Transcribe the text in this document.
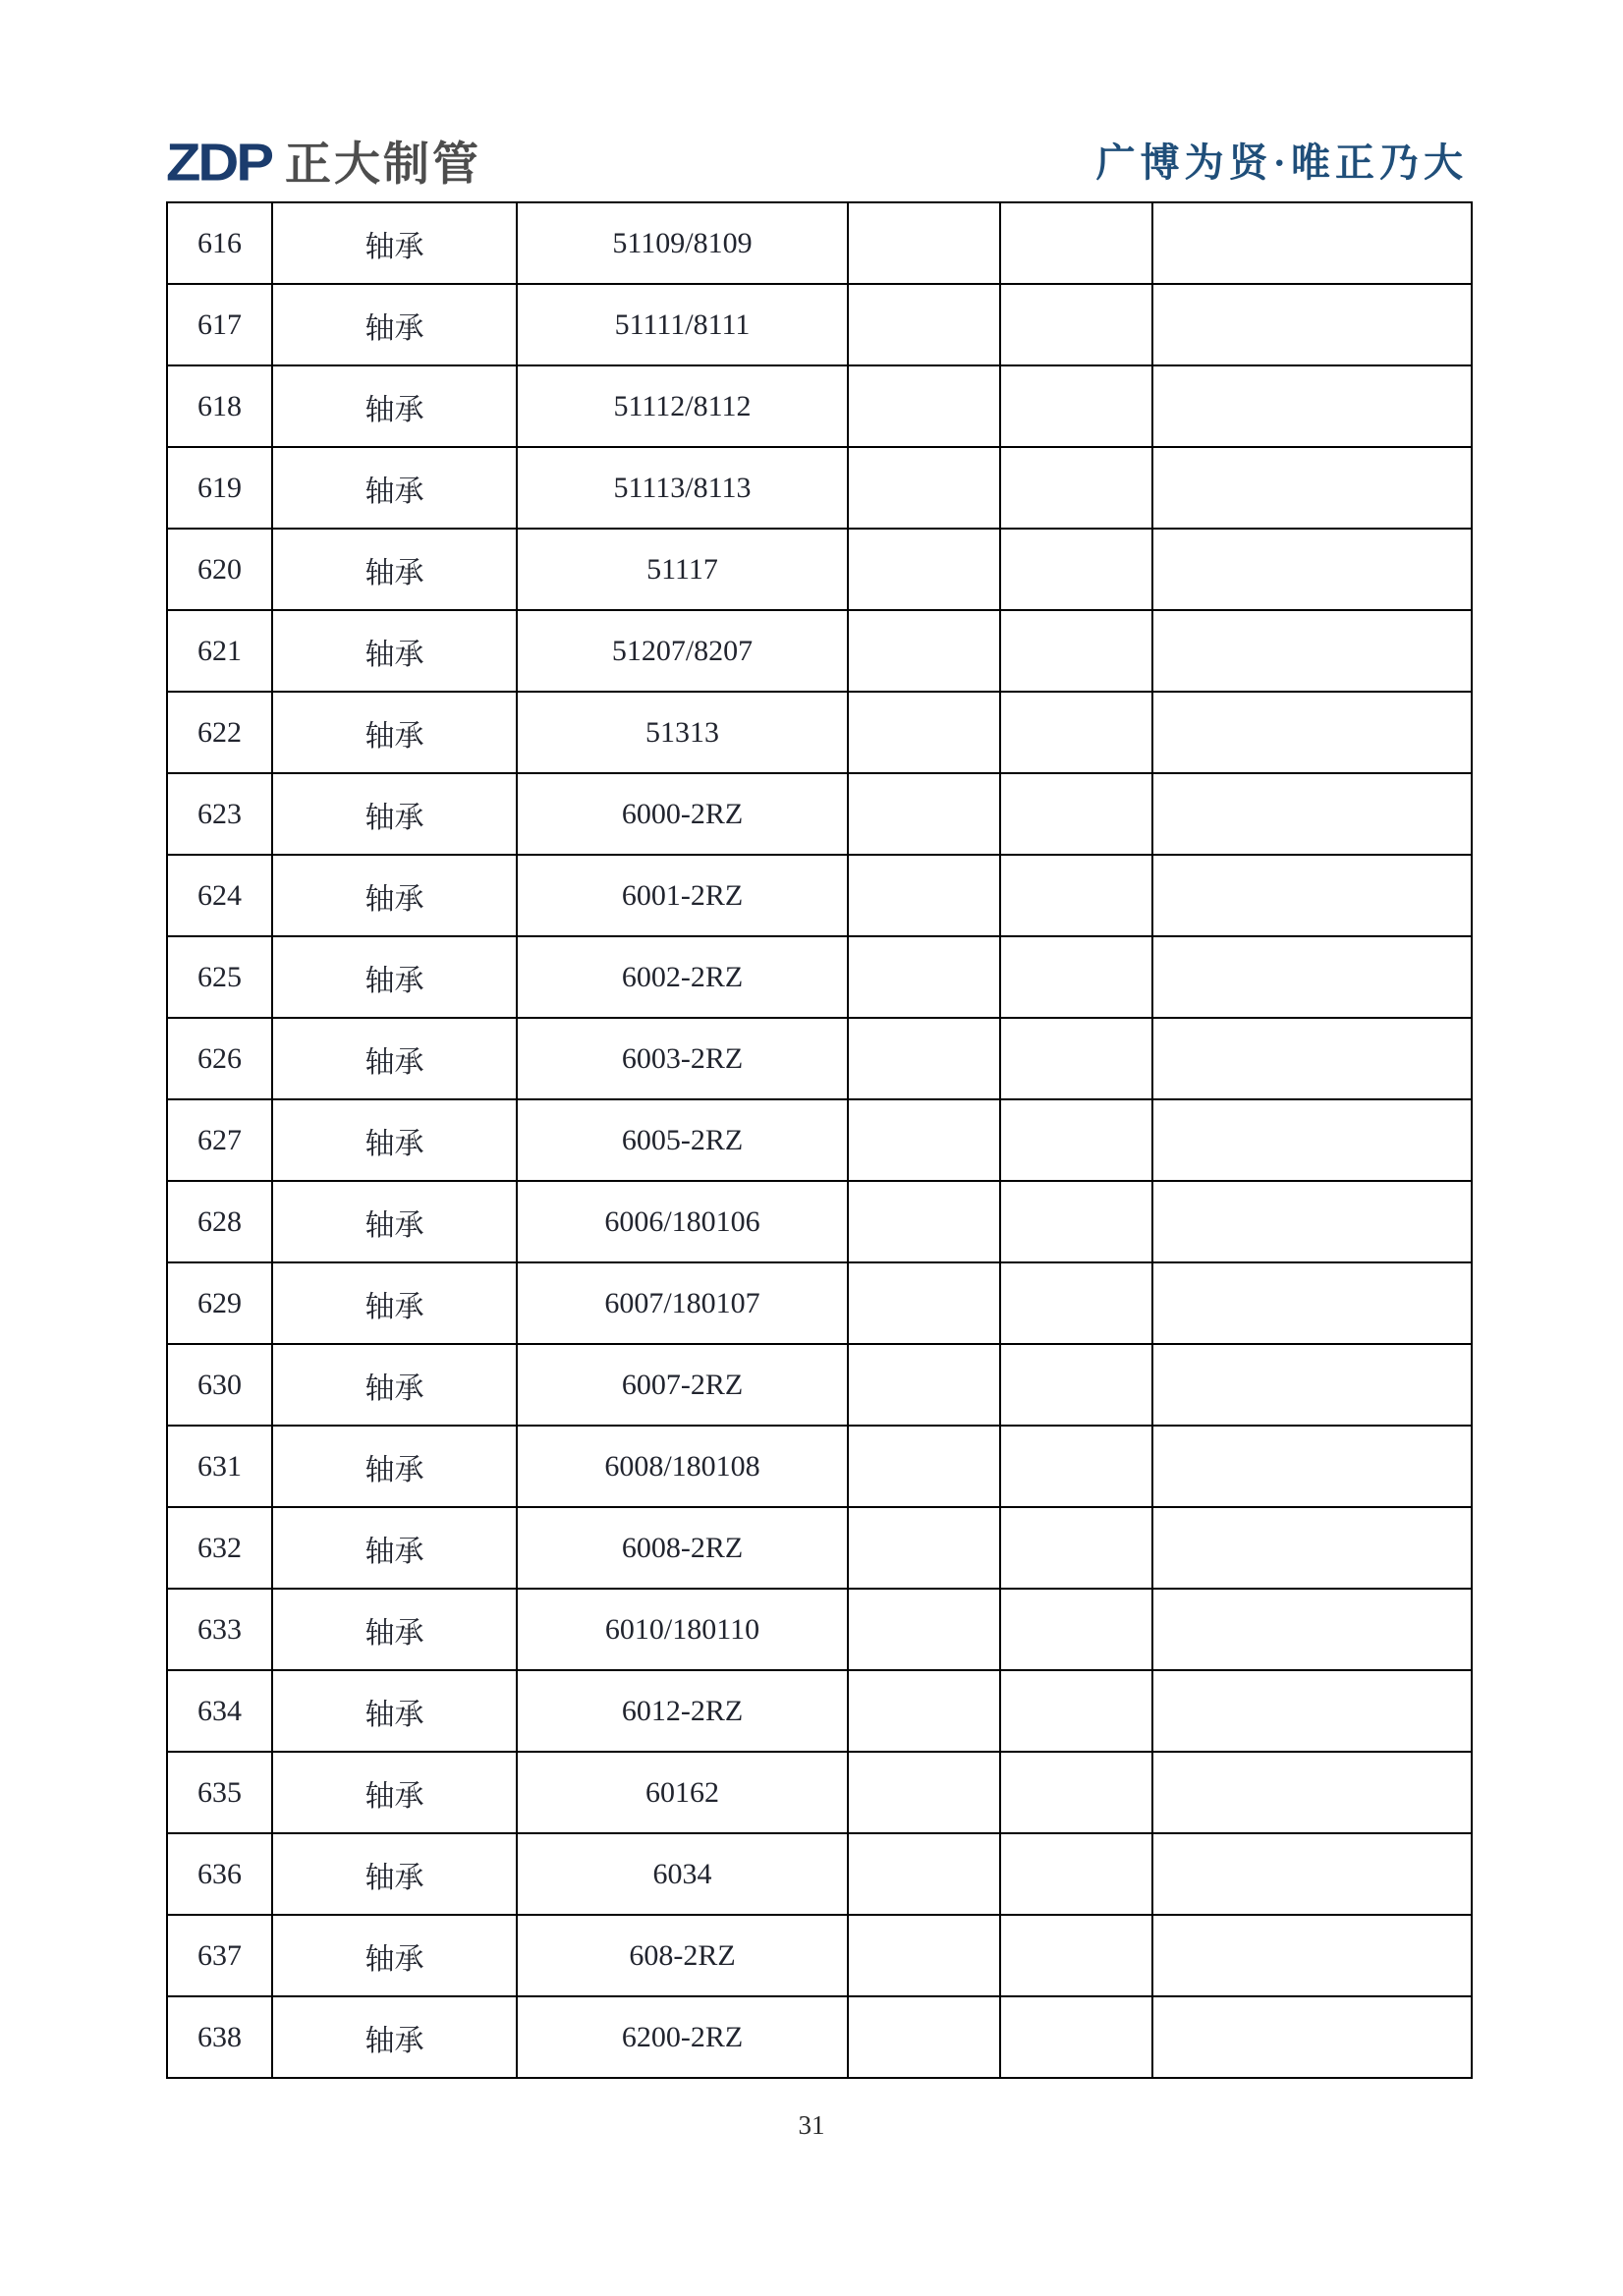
ZDP 正大制管	广博为贤·唯正乃大
616	轴承	51109/8109			
617	轴承	51111/8111			
618	轴承	51112/8112			
619	轴承	51113/8113			
620	轴承	51117			
621	轴承	51207/8207			
622	轴承	51313			
623	轴承	6000-2RZ			
624	轴承	6001-2RZ			
625	轴承	6002-2RZ			
626	轴承	6003-2RZ			
627	轴承	6005-2RZ			
628	轴承	6006/180106			
629	轴承	6007/180107			
630	轴承	6007-2RZ			
631	轴承	6008/180108			
632	轴承	6008-2RZ			
633	轴承	6010/180110			
634	轴承	6012-2RZ			
635	轴承	60162			
636	轴承	6034			
637	轴承	608-2RZ			
638	轴承	6200-2RZ			
31
